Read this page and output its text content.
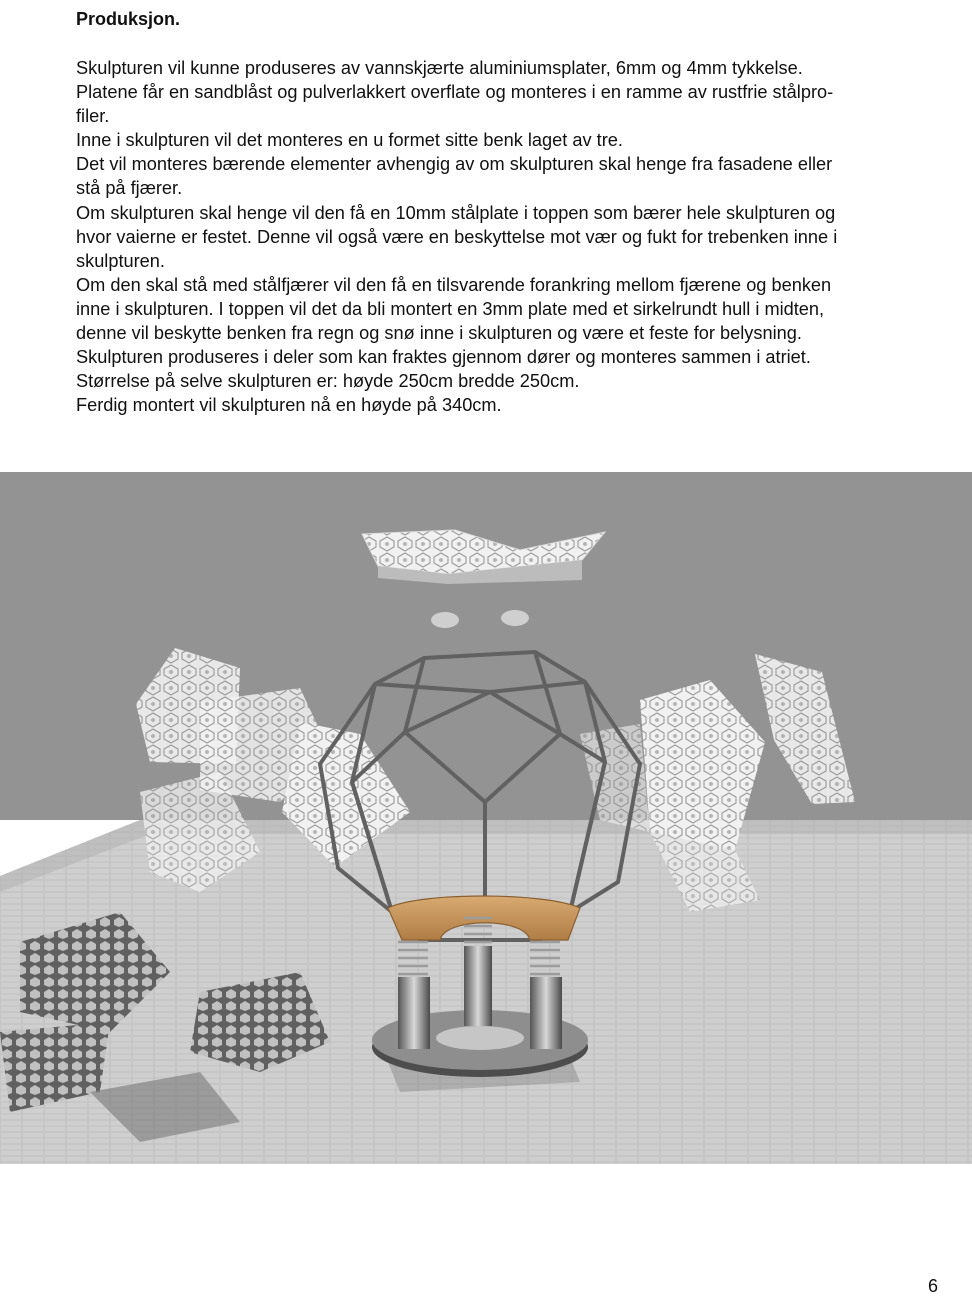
Produksjon.
Skulpturen vil kunne produseres av vannskjærte aluminiumsplater, 6mm og 4mm tykkelse.
Platene får en sandblåst og pulverlakkert overflate og monteres i en ramme av rustfrie stålpro-
filer.
Inne i skulpturen vil det monteres en u formet sitte benk laget av tre.
Det vil monteres bærende elementer avhengig av om skulpturen skal henge fra fasadene eller
stå på fjærer.
Om skulpturen skal henge vil den få en 10mm stålplate i toppen som bærer hele skulpturen og
hvor vaierne er festet. Denne vil også være en beskyttelse mot vær og fukt for trebenken inne i
skulpturen.
Om den skal stå med stålfjærer vil den få en tilsvarende forankring mellom fjærene og benken
inne i skulpturen. I toppen vil det da bli montert en 3mm plate med et sirkelrundt hull i midten,
denne vil beskytte benken fra regn og snø inne i skulpturen og være et feste for belysning.
Skulpturen produseres i deler som kan fraktes gjennom dører og monteres sammen i atriet.
Størrelse på selve skulpturen er: høyde 250cm bredde 250cm.
Ferdig montert vil skulpturen nå en høyde på 340cm.
6
